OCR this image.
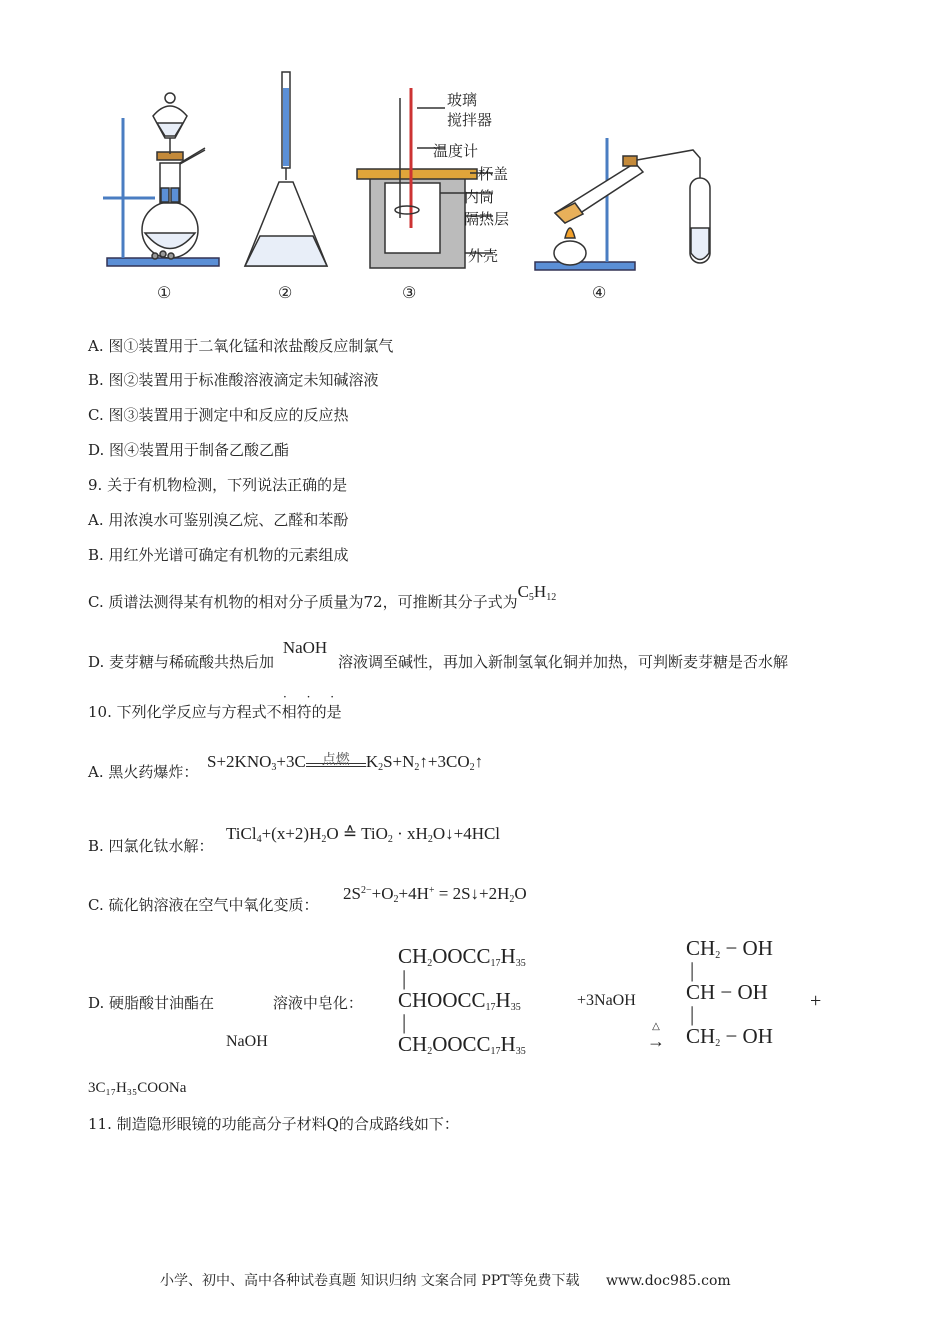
①	②	③	④
玻璃
搅拌器
温度计
杯盖
内筒
隔热层
外壳
A. 图①装置用于二氧化锰和浓盐酸反应制氯气
B. 图②装置用于标准酸溶液滴定未知碱溶液
C. 图③装置用于测定中和反应的反应热
D. 图④装置用于制备乙酸乙酯
9. 关于有机物检测，下列说法正确的是
A. 用浓溴水可鉴别溴乙烷、乙醛和苯酚
B. 用红外光谱可确定有机物的元素组成
C. 质谱法测得某有机物的相对分子质量为72，可推断其分子式为$C_5H_{12}$
D. 麦芽糖与稀硫酸共热后加 NaOH 溶液调至碱性，再加入新制氢氧化铜并加热，可判断麦芽糖是否水解
· · ·
10. 下列化学反应与方程式不相符的是
A. 黑火药爆炸：
$S+2KNO_3+3C$	点燃 $K_2S+N_2↑+3CO_2↑$
B. 四氯化钛水解：
$TiCl_4+(x+2)H_2O$ ≙ $TiO_2 \cdot xH_2O↓+4HCl$
C. 硫化钠溶液在空气中氧化变质：
$2S^{2-}+O_2+4H^+$ = $2S↓+2H_2O$
D. 硬脂酸甘油酯在	溶液中皂化：
NaOH
$CH_2OOCC_{17}H_{35}$
|
$CHOOCC_{17}H_{35}$
|
$CH_2OOCC_{17}H_{35}$
+3NaOH
△
→
$CH_2$ − OH
|
CH − OH
|
$CH_2$ − OH
+
3C₁₇H₃₅COONa
11. 制造隐形眼镜的功能高分子材料Q的合成路线如下：
小学、初中、高中各种试卷真题 知识归纳 文案合同 PPT等免费下载 www.doc985.com
